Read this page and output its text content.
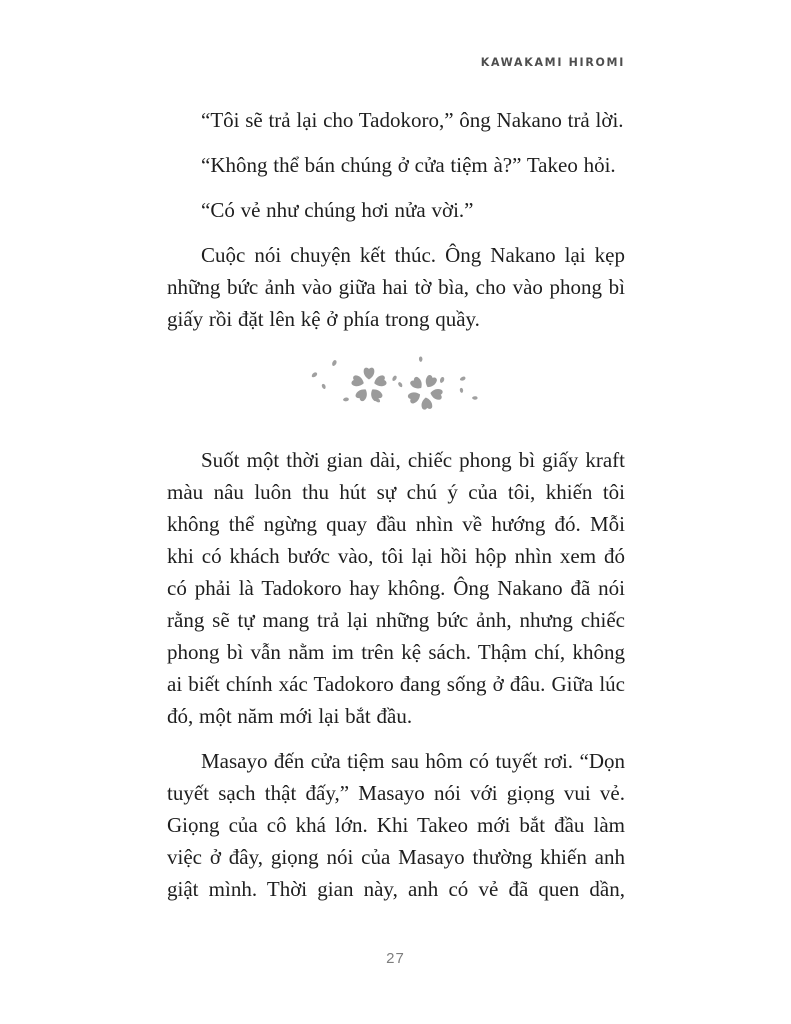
KAWAKAMI HIROMI

“Tôi sẽ trả lại cho Tadokoro,” ông Nakano trả lời.

“Không thể bán chúng ở cửa tiệm à?” Takeo hỏi.

“Có vẻ như chúng hơi nửa vời.”

Cuộc nói chuyện kết thúc. Ông Nakano lại kẹp những bức ảnh vào giữa hai tờ bìa, cho vào phong bì giấy rồi đặt lên kệ ở phía trong quầy.

Suốt một thời gian dài, chiếc phong bì giấy kraft màu nâu luôn thu hút sự chú ý của tôi, khiến tôi không thể ngừng quay đầu nhìn về hướng đó. Mỗi khi có khách bước vào, tôi lại hồi hộp nhìn xem đó có phải là Tadokoro hay không. Ông Nakano đã nói rằng sẽ tự mang trả lại những bức ảnh, nhưng chiếc phong bì vẫn nằm im trên kệ sách. Thậm chí, không ai biết chính xác Tadokoro đang sống ở đâu. Giữa lúc đó, một năm mới lại bắt đầu.

Masayo đến cửa tiệm sau hôm có tuyết rơi. “Dọn tuyết sạch thật đấy,” Masayo nói với giọng vui vẻ. Giọng của cô khá lớn. Khi Takeo mới bắt đầu làm việc ở đây, giọng nói của Masayo thường khiến anh giật mình. Thời gian này, anh có vẻ đã quen dần,

27
